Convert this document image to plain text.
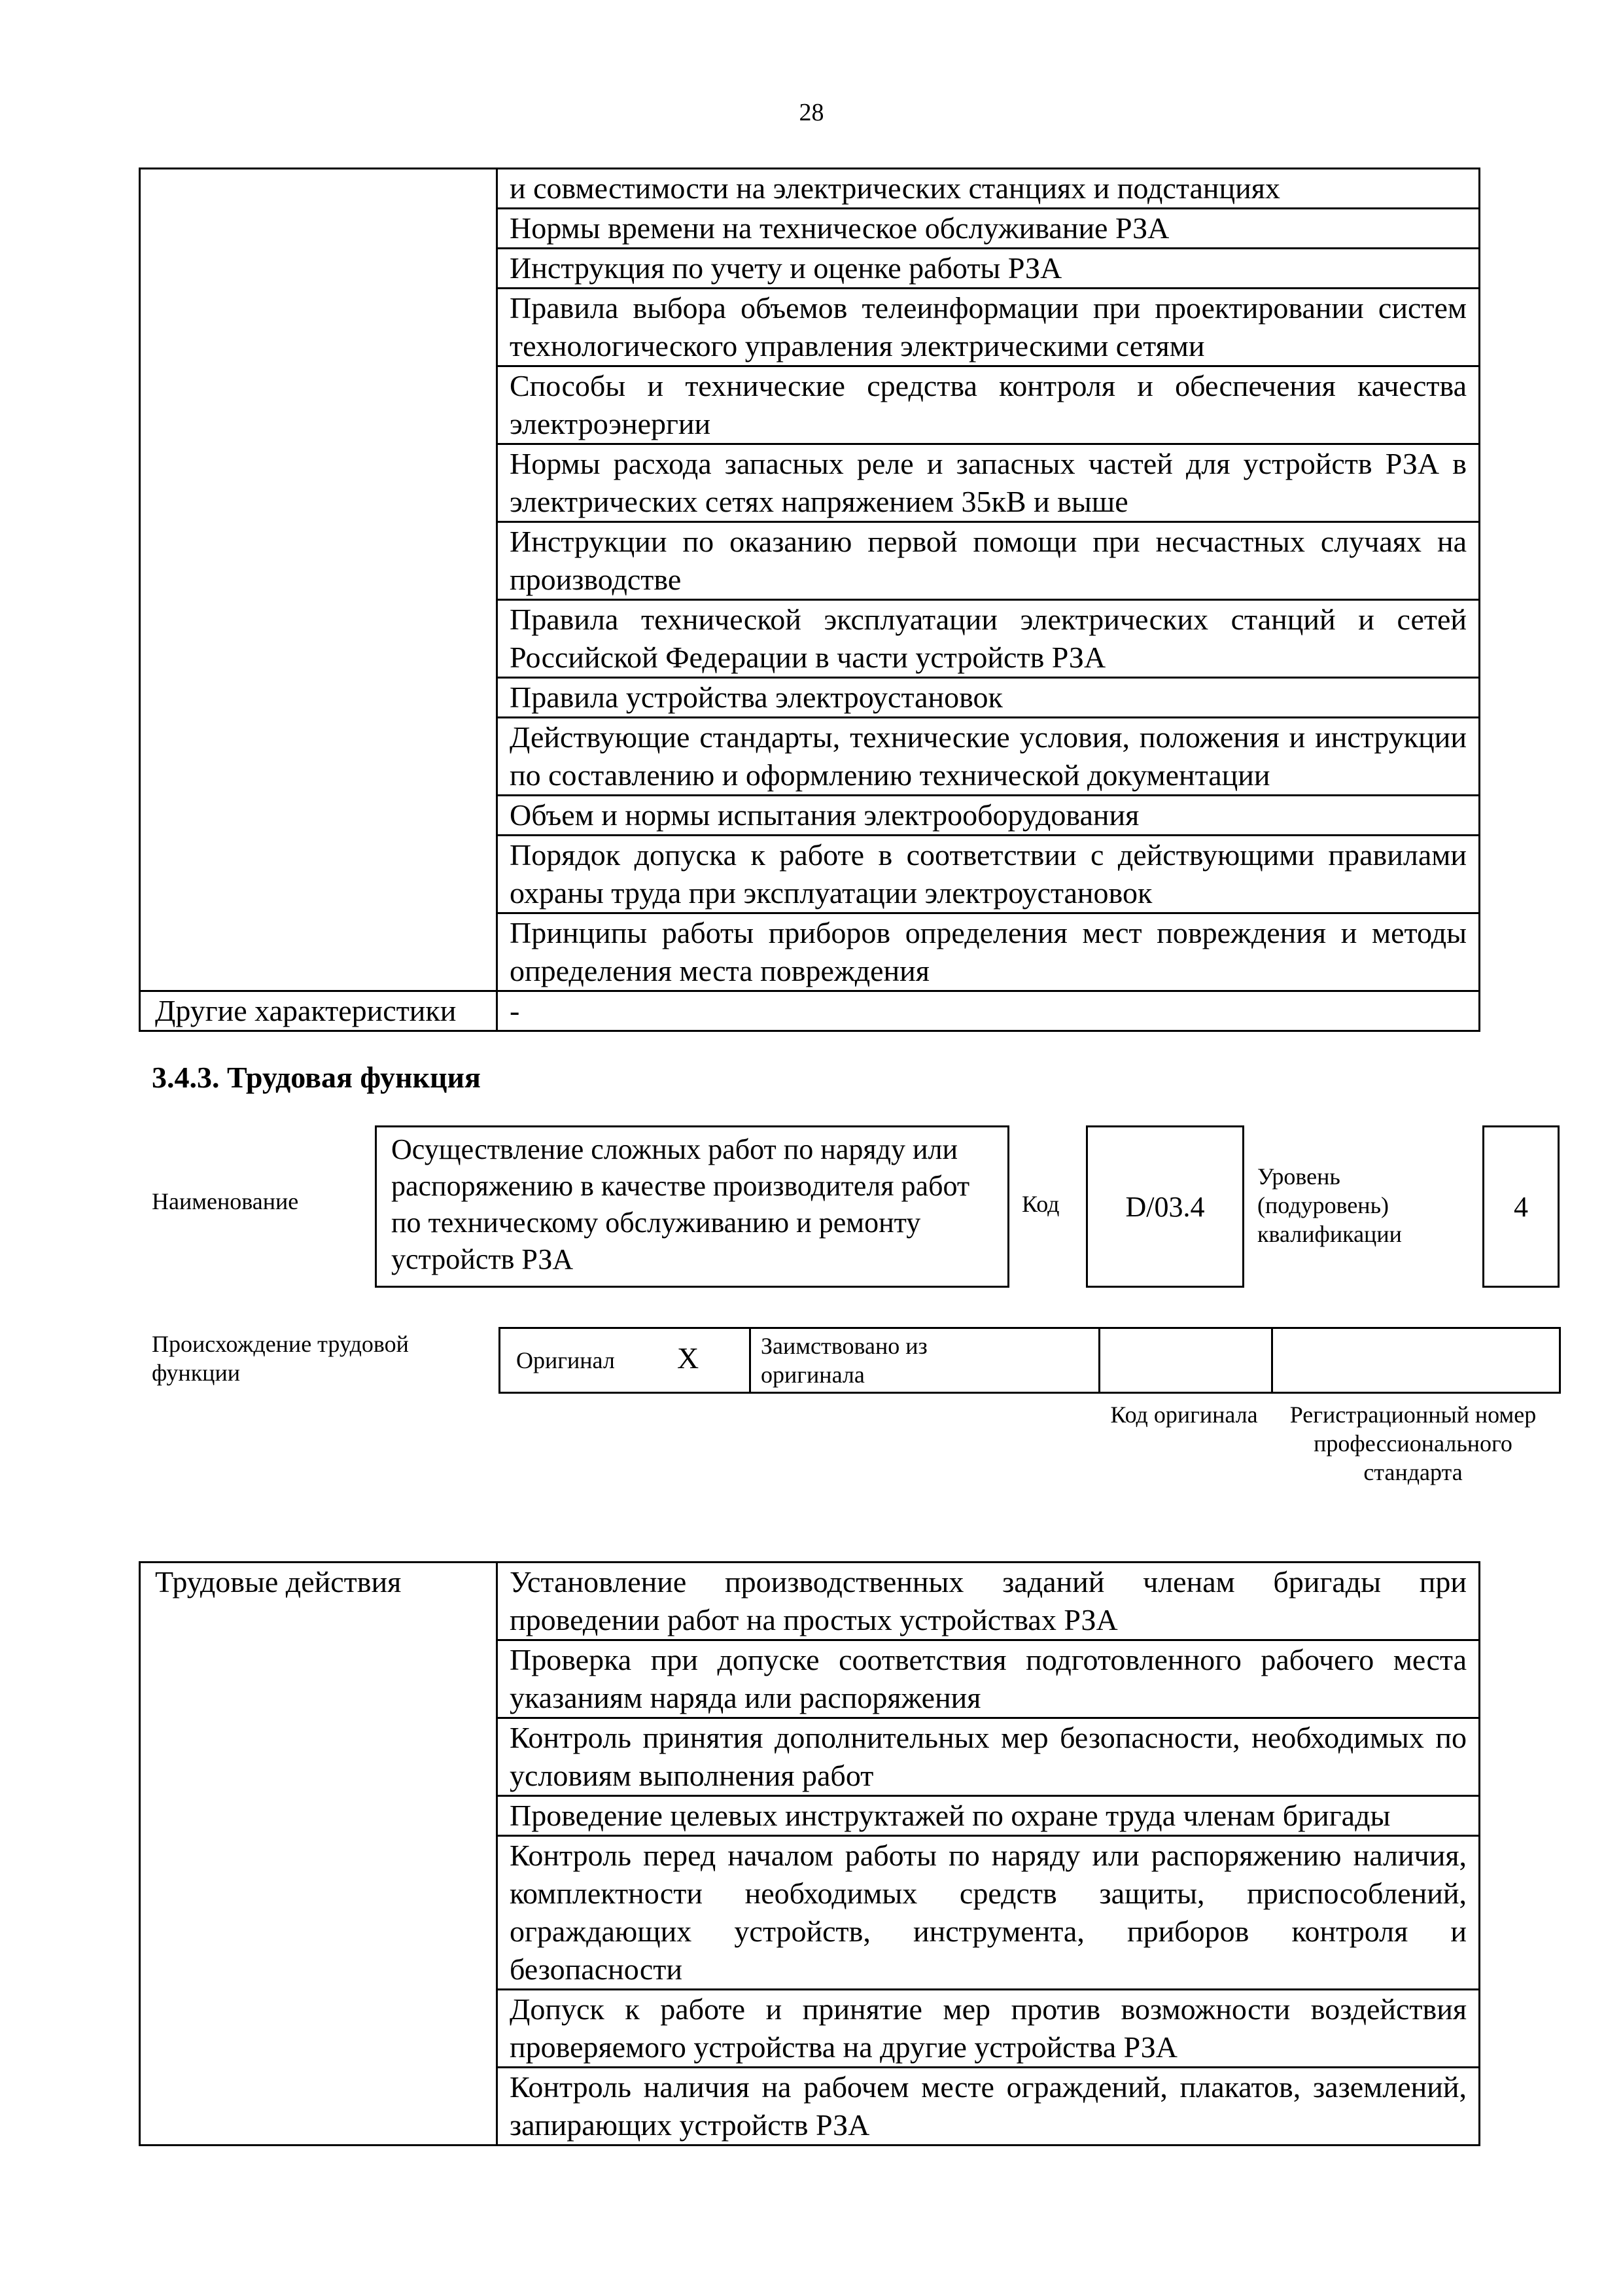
28
	и совместимости на электрических станциях и подстанциях
	Нормы времени на техническое обслуживание РЗА
	Инструкция по учету и оценке работы РЗА
	Правила выбора объемов телеинформации при проектировании систем технологического управления электрическими сетями
	Способы и технические средства контроля и обеспечения качества электроэнергии
	Нормы расхода запасных реле и запасных частей для устройств РЗА в электрических сетях напряжением 35кВ и выше
	Инструкции по оказанию первой помощи при несчастных случаях на производстве
	Правила технической эксплуатации электрических станций и сетей Российской Федерации в части устройств РЗА
	Правила устройства электроустановок
	Действующие стандарты, технические условия, положения и инструкции по составлению и оформлению технической документации
	Объем и нормы испытания электрооборудования
	Порядок допуска к работе в соответствии с действующими правилами охраны труда при эксплуатации электроустановок
	Принципы работы приборов определения мест повреждения и методы определения места повреждения
Другие характеристики	-
3.4.3. Трудовая функция
Наименование
Осуществление сложных работ по наряду или распоряжению в качестве производителя работ по техническому обслуживанию и ремонту устройств РЗА
Код	D/03.4
Уровень (подуровень) квалификации
4
Происхождение трудовой функции	Оригинал X	Заимствовано из оригинала
Код оригинала	Регистрационный номер профессионального стандарта
Трудовые действия	Установление производственных заданий членам бригады при проведении работ на простых устройствах РЗА
Проверка при допуске соответствия подготовленного рабочего места указаниям наряда или распоряжения
Контроль принятия дополнительных мер безопасности, необходимых по условиям выполнения работ
Проведение целевых инструктажей по охране труда членам бригады
Контроль перед началом работы по наряду или распоряжению наличия, комплектности необходимых средств защиты, приспособлений, ограждающих устройств, инструмента, приборов контроля и безопасности
Допуск к работе и принятие мер против возможности воздействия проверяемого устройства на другие устройства РЗА
Контроль наличия на рабочем месте ограждений, плакатов, заземлений, запирающих устройств РЗА
